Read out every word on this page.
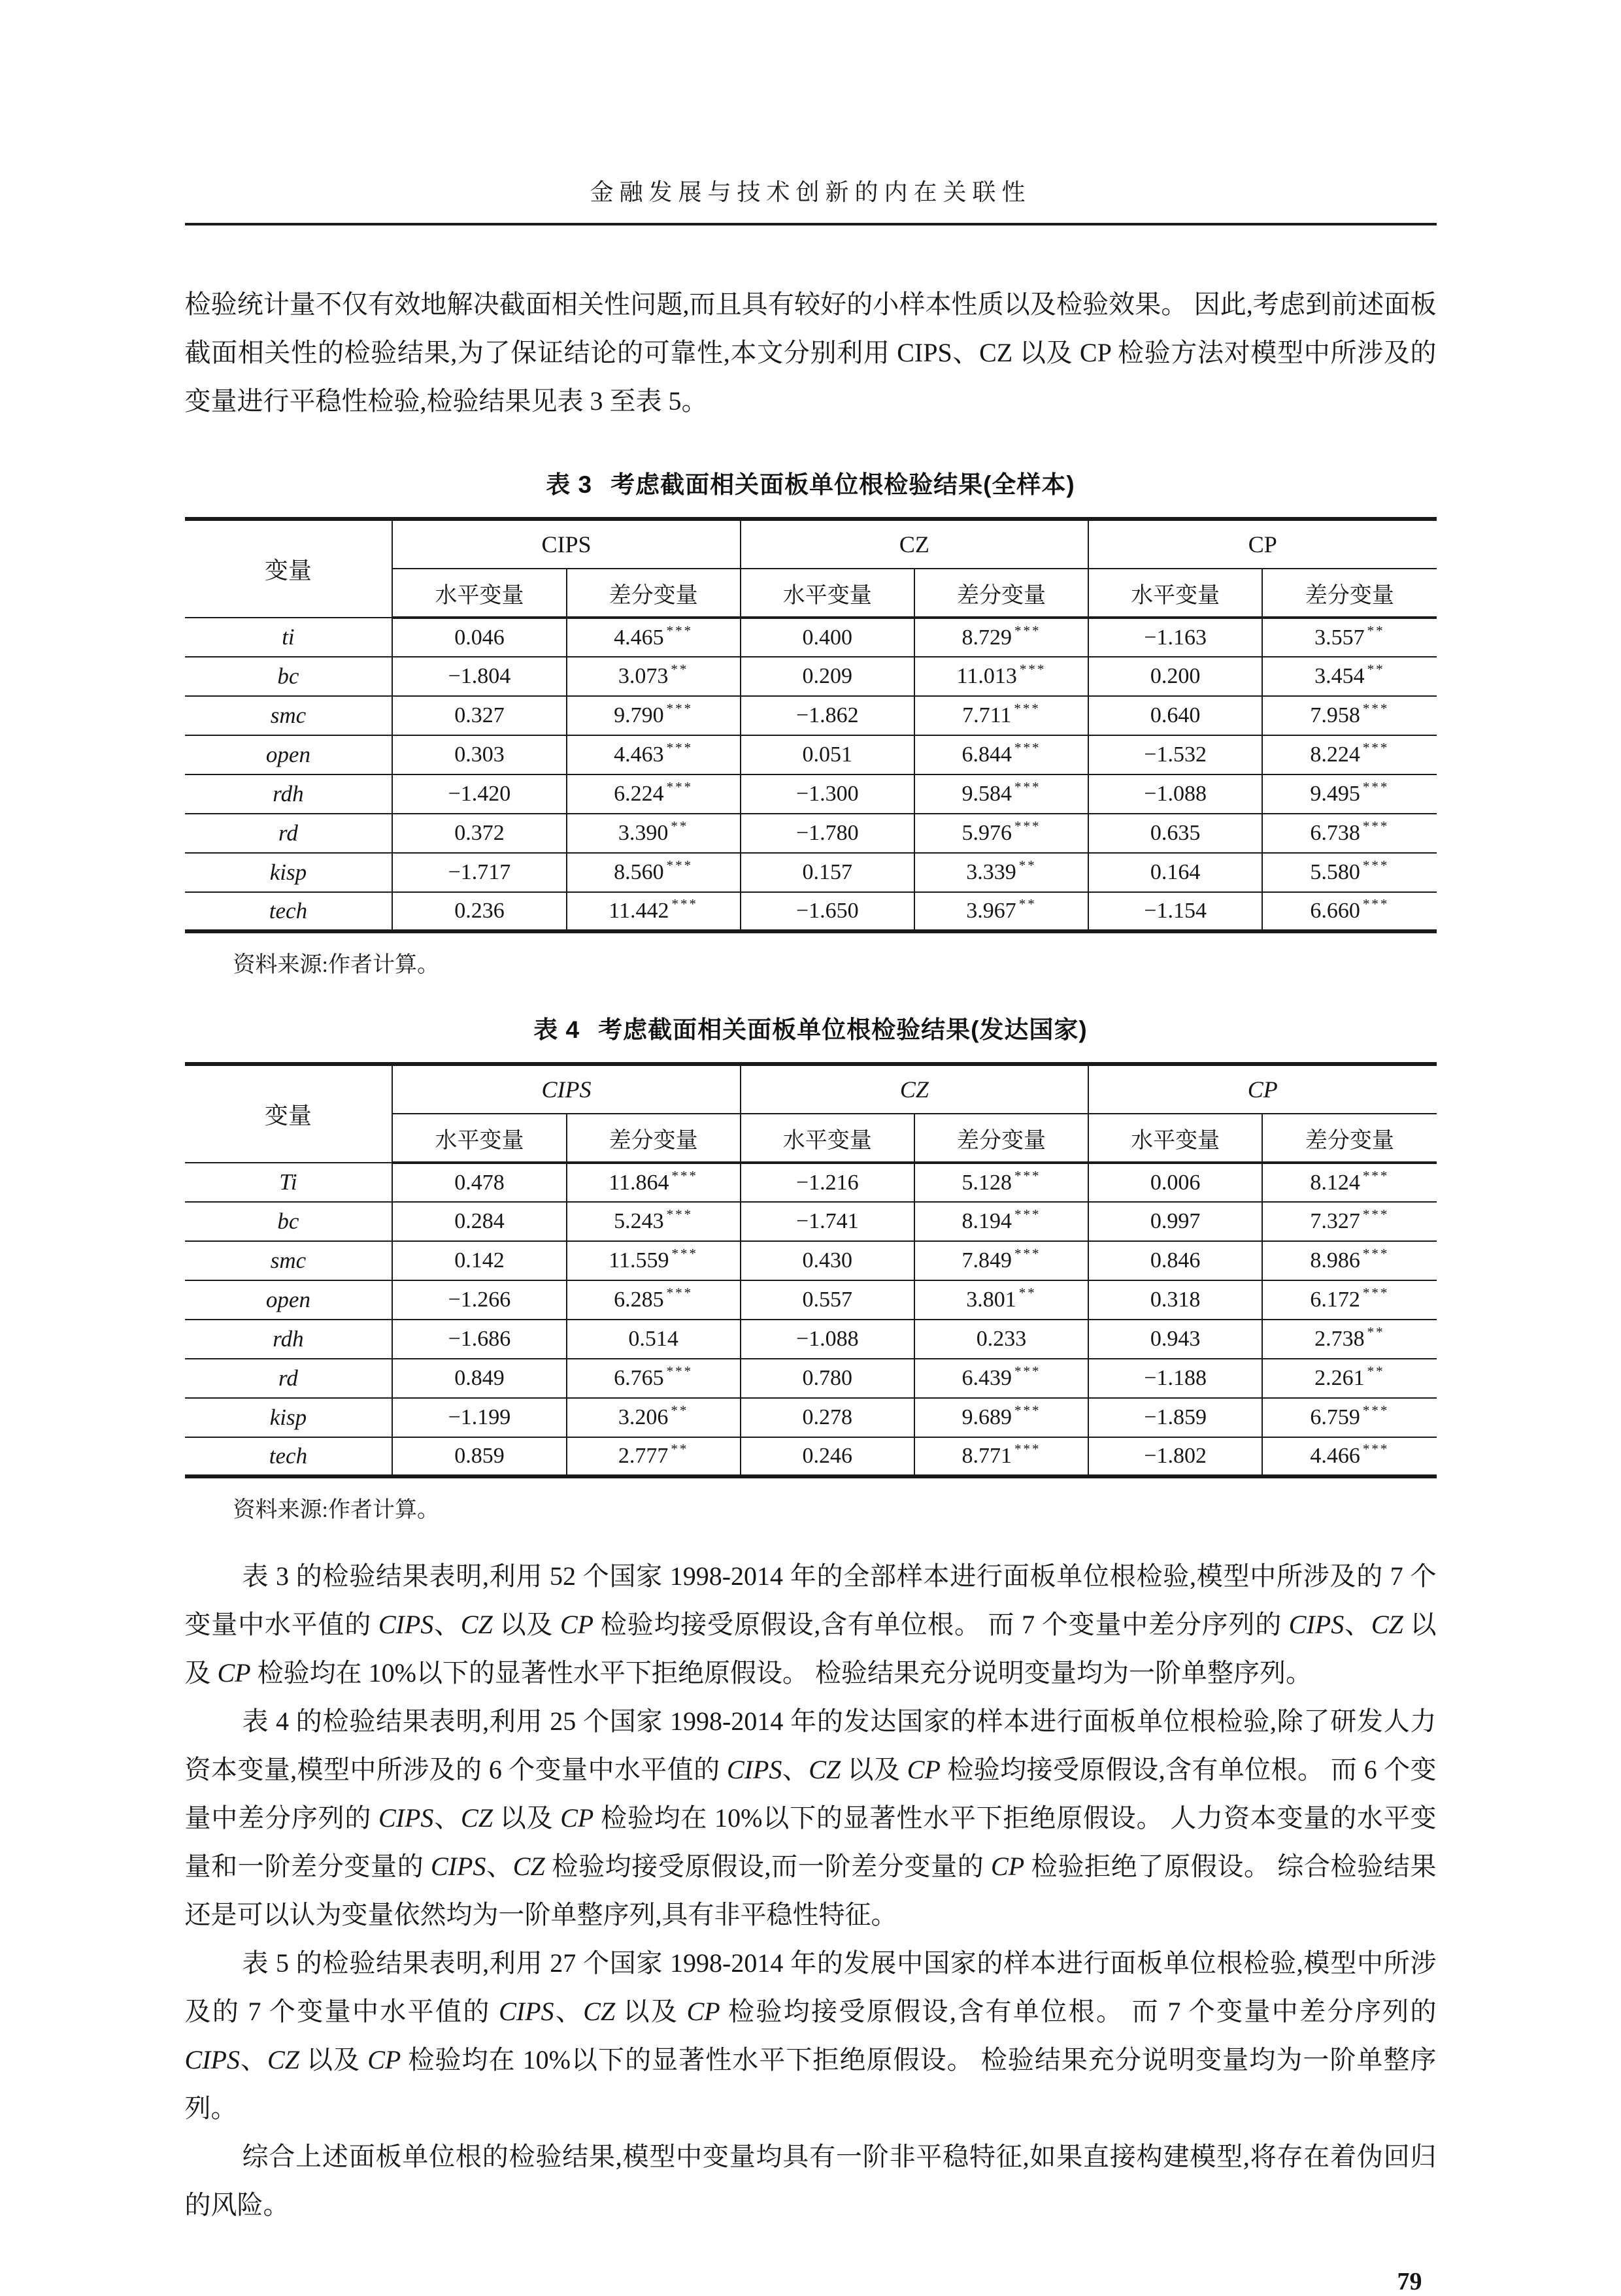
金融发展与技术创新的内在关联性

检验统计量不仅有效地解决截面相关性问题,而且具有较好的小样本性质以及检验效果。 因此,考虑到前述面板截面相关性的检验结果,为了保证结论的可靠性,本文分别利用 CIPS、CZ 以及 CP 检验方法对模型中所涉及的变量进行平稳性检验,检验结果见表 3 至表 5。

表 3 考虑截面相关面板单位根检验结果(全样本)
变量	CIPS		CZ		CP	
	水平变量	差分变量	水平变量	差分变量	水平变量	差分变量
ti	0.046	4.465 ***	0.400	8.729 ***	−1.163	3.557 **
bc	−1.804	3.073 **	0.209	11.013 ***	0.200	3.454 **
smc	0.327	9.790 ***	−1.862	7.711 ***	0.640	7.958 ***
open	0.303	4.463 ***	0.051	6.844 ***	−1.532	8.224 ***
rdh	−1.420	6.224 ***	−1.300	9.584 ***	−1.088	9.495 ***
rd	0.372	3.390 **	−1.780	5.976 ***	0.635	6.738 ***
kisp	−1.717	8.560 ***	0.157	3.339 **	0.164	5.580 ***
tech	0.236	11.442 ***	−1.650	3.967 **	−1.154	6.660 ***
资料来源:作者计算。
表 4 考虑截面相关面板单位根检验结果(发达国家)
变量	CIPS		CZ		CP	
	水平变量	差分变量	水平变量	差分变量	水平变量	差分变量
Ti	0.478	11.864 ***	−1.216	5.128 ***	0.006	8.124 ***
bc	0.284	5.243 ***	−1.741	8.194 ***	0.997	7.327 ***
smc	0.142	11.559 ***	0.430	7.849 ***	0.846	8.986 ***
open	−1.266	6.285 ***	0.557	3.801 **	0.318	6.172 ***
rdh	−1.686	0.514	−1.088	0.233	0.943	2.738 **
rd	0.849	6.765 ***	0.780	6.439 ***	−1.188	2.261 **
kisp	−1.199	3.206 **	0.278	9.689 ***	−1.859	6.759 ***
tech	0.859	2.777 **	0.246	8.771 ***	−1.802	4.466 ***
资料来源:作者计算。

表 3 的检验结果表明,利用 52 个国家 1998-2014 年的全部样本进行面板单位根检验,模型中所涉及的 7 个变量中水平值的 CIPS、CZ 以及 CP 检验均接受原假设,含有单位根。 而 7 个变量中差分序列的 CIPS、CZ 以及 CP 检验均在 10%以下的显著性水平下拒绝原假设。 检验结果充分说明变量均为一阶单整序列。

表 4 的检验结果表明,利用 25 个国家 1998-2014 年的发达国家的样本进行面板单位根检验,除了研发人力资本变量,模型中所涉及的 6 个变量中水平值的 CIPS、CZ 以及 CP 检验均接受原假设,含有单位根。 而 6 个变量中差分序列的 CIPS、CZ 以及 CP 检验均在 10%以下的显著性水平下拒绝原假设。 人力资本变量的水平变量和一阶差分变量的 CIPS、CZ 检验均接受原假设,而一阶差分变量的 CP 检验拒绝了原假设。 综合检验结果还是可以认为变量依然均为一阶单整序列,具有非平稳性特征。

表 5 的检验结果表明,利用 27 个国家 1998-2014 年的发展中国家的样本进行面板单位根检验,模型中所涉及的 7 个变量中水平值的 CIPS、CZ 以及 CP 检验均接受原假设,含有单位根。 而 7 个变量中差分序列的 CIPS、CZ 以及 CP 检验均在 10%以下的显著性水平下拒绝原假设。 检验结果充分说明变量均为一阶单整序列。

综合上述面板单位根的检验结果,模型中变量均具有一阶非平稳特征,如果直接构建模型,将存在着伪回归的风险。

79
